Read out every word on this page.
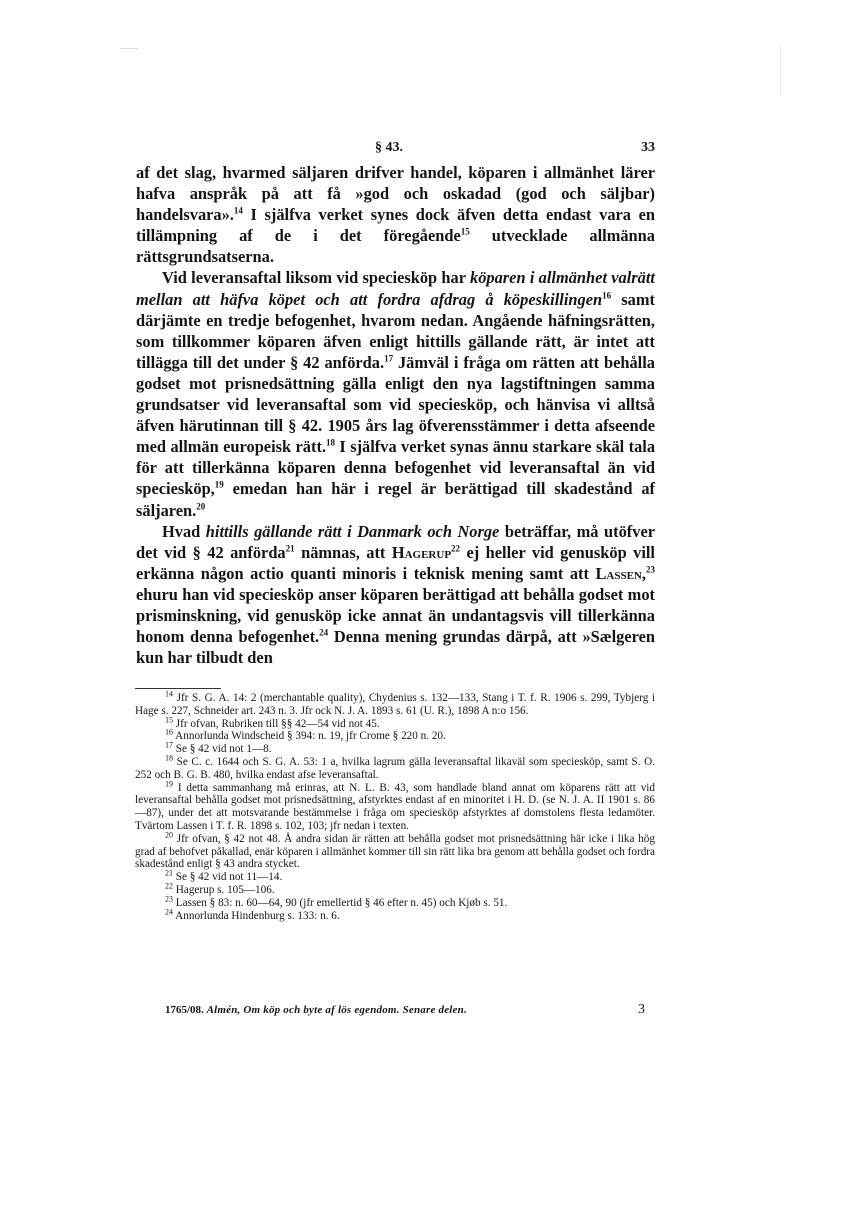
§ 43.	33

af det slag, hvarmed säljaren drifver handel, köparen i allmänhet lärer hafva anspråk på att få »god och oskadad (god och säljbar) handelsvara».$^{14}$ I själfva verket synes dock äfven detta endast vara en tillämpning af de i det föregående$^{15}$ utvecklade allmänna rättsgrundsatserna.

Vid leveransaftal liksom vid speciesköp har köparen i allmänhet valrätt mellan att häfva köpet och att fordra afdrag å köpeskillingen$^{16}$ samt därjämte en tredje befogenhet, hvarom nedan. Angående häfningsrätten, som tillkommer köparen äfven enligt hittills gällande rätt, är intet att tillägga till det under § 42 anförda.$^{17}$ Jämväl i fråga om rätten att behålla godset mot prisnedsättning gälla enligt den nya lagstiftningen samma grundsatser vid leveransaftal som vid speciesköp, och hänvisa vi alltså äfven härutinnan till § 42. 1905 års lag öfverensstämmer i detta afseende med allmän europeisk rätt.$^{18}$ I själfva verket synas ännu starkare skäl tala för att tillerkänna köparen denna befogenhet vid leveransaftal än vid speciesköp,$^{19}$ emedan han här i regel är berättigad till skadestånd af säljaren.$^{20}$

Hvad hittills gällande rätt i Danmark och Norge beträffar, må utöfver det vid § 42 anförda$^{21}$ nämnas, att Hagerup$^{22}$ ej heller vid genusköp vill erkänna någon actio quanti minoris i teknisk mening samt att Lassen,$^{23}$ ehuru han vid speciesköp anser köparen berättigad att behålla godset mot prisminskning, vid genusköp icke annat än undantagsvis vill tillerkänna honom denna befogenhet.$^{24}$ Denna mening grundas därpå, att »Sælgeren kun har tilbudt den

$^{14}$ Jfr S. G. A. 14: 2 (merchantable quality), Chydenius s. 132—133, Stang i T. f. R. 1906 s. 299, Tybjerg i Hage s. 227, Schneider art. 243 n. 3. Jfr ock N. J. A. 1893 s. 61 (U. R.), 1898 A n:o 156.

$^{15}$ Jfr ofvan, Rubriken till §§ 42—54 vid not 45.

$^{16}$ Annorlunda Windscheid § 394: n. 19, jfr Crome § 220 n. 20.

$^{17}$ Se § 42 vid not 1—8.

$^{18}$ Se C. c. 1644 och S. G. A. 53: 1 a, hvilka lagrum gälla leveransaftal likaväl som speciesköp, samt S. O. 252 och B. G. B. 480, hvilka endast afse leveransaftal.

$^{19}$ I detta sammanhang må erinras, att N. L. B. 43, som handlade bland annat om köparens rätt att vid leveransaftal behålla godset mot prisnedsättning, afstyrktes endast af en minoritet i H. D. (se N. J. A. II 1901 s. 86—87), under det att motsvarande bestämmelse i fråga om speciesköp afstyrktes af domstolens flesta ledamöter. Tvärtom Lassen i T. f. R. 1898 s. 102, 103; jfr nedan i texten.

$^{20}$ Jfr ofvan, § 42 not 48. Å andra sidan är rätten att behålla godset mot prisnedsättning här icke i lika hög grad af behofvet påkallad, enär köparen i allmänhet kommer till sin rätt lika bra genom att behålla godset och fordra skadestånd enligt § 43 andra stycket.

$^{21}$ Se § 42 vid not 11—14.

$^{22}$ Hagerup s. 105—106.

$^{23}$ Lassen § 83: n. 60—64, 90 (jfr emellertid § 46 efter n. 45) och Kjøb s. 51.

$^{24}$ Annorlunda Hindenburg s. 133: n. 6.

1765/08. Almén, Om köp och byte af lös egendom. Senare delen.	3
